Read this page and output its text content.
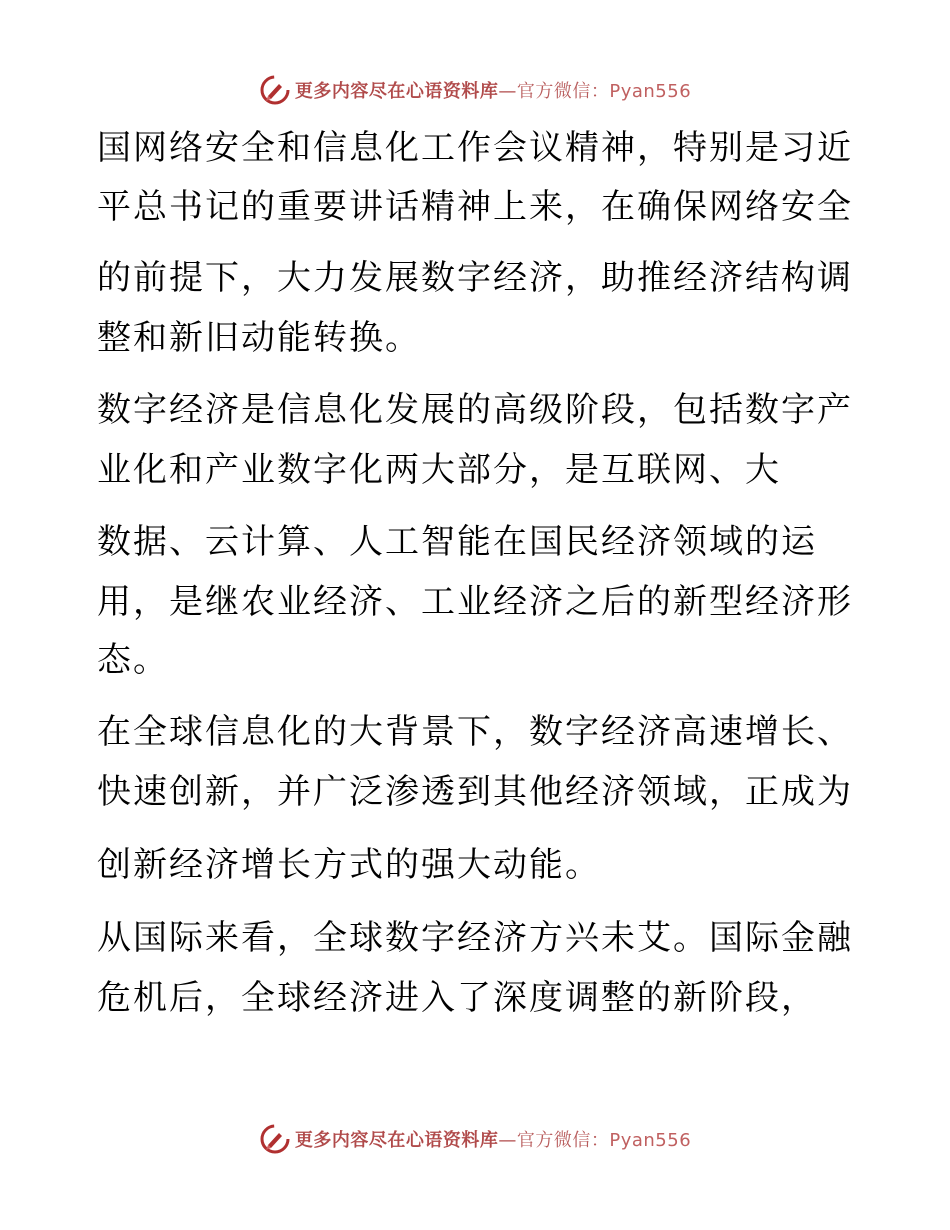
更多内容尽在心语资料库—官方微信：Pyan556
国网络安全和信息化工作会议精神，特别是习近
平总书记的重要讲话精神上来，在确保网络安全
的前提下，大力发展数字经济，助推经济结构调
整和新旧动能转换。
数字经济是信息化发展的高级阶段，包括数字产
业化和产业数字化两大部分，是互联网、大
数据、云计算、人工智能在国民经济领域的运
用，是继农业经济、工业经济之后的新型经济形
态。
在全球信息化的大背景下，数字经济高速增长、
快速创新，并广泛渗透到其他经济领域，正成为
创新经济增长方式的强大动能。
从国际来看，全球数字经济方兴未艾。国际金融
危机后，全球经济进入了深度调整的新阶段，
更多内容尽在心语资料库—官方微信：Pyan556
